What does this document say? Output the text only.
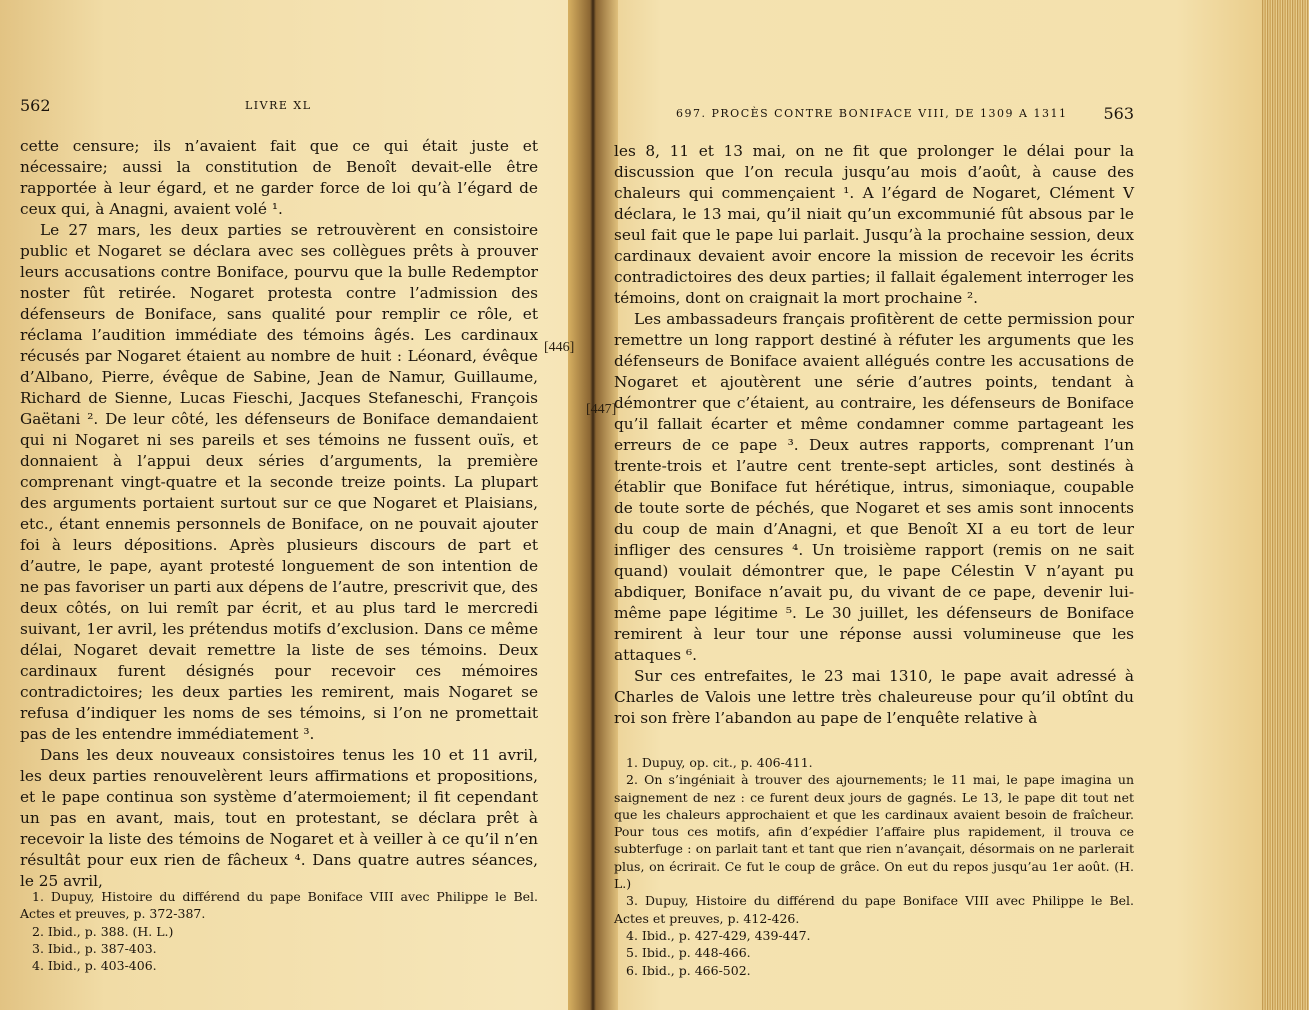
562	LIVRE XL

cette censure; ils n’avaient fait que ce qui était juste et nécessaire; aussi la constitution de Benoît devait-elle être rapportée à leur égard, et ne garder force de loi qu’à l’égard de ceux qui, à Anagni, avaient volé ¹.

Le 27 mars, les deux parties se retrouvèrent en consistoire public et Nogaret se déclara avec ses collègues prêts à prouver leurs accusations contre Boniface, pourvu que la bulle Redemptor noster fût retirée. Nogaret protesta contre l’admission des défenseurs de Boniface, sans qualité pour remplir ce rôle, et réclama l’audition immédiate des témoins âgés. Les cardinaux récusés par Nogaret étaient au nombre de huit : Léonard, évêque d’Albano, Pierre, évêque de Sabine, Jean de Namur, Guillaume, Richard de Sienne, Lucas Fieschi, Jacques Stefaneschi, François Gaëtani ². De leur côté, les défenseurs de Boniface demandaient qui ni Nogaret ni ses pareils et ses témoins ne fussent ouïs, et donnaient à l’appui deux séries d’arguments, la première comprenant vingt-quatre et la seconde treize points. La plupart des arguments portaient surtout sur ce que Nogaret et Plaisians, etc., étant ennemis personnels de Boniface, on ne pouvait ajouter foi à leurs dépositions. Après plusieurs discours de part et d’autre, le pape, ayant protesté longuement de son intention de ne pas favoriser un parti aux dépens de l’autre, prescrivit que, des deux côtés, on lui remît par écrit, et au plus tard le mercredi suivant, 1er avril, les prétendus motifs d’exclusion. Dans ce même délai, Nogaret devait remettre la liste de ses témoins. Deux cardinaux furent désignés pour recevoir ces mémoires contradictoires; les deux parties les remirent, mais Nogaret se refusa d’indiquer les noms de ses témoins, si l’on ne promettait pas de les entendre immédiatement ³.

Dans les deux nouveaux consistoires tenus les 10 et 11 avril, les deux parties renouvelèrent leurs affirmations et propositions, et le pape continua son système d’atermoiement; il fit cependant un pas en avant, mais, tout en protestant, se déclara prêt à recevoir la liste des témoins de Nogaret et à veiller à ce qu’il n’en résultât pour eux rien de fâcheux ⁴. Dans quatre autres séances, le 25 avril,

1. Dupuy, Histoire du différend du pape Boniface VIII avec Philippe le Bel. Actes et preuves, p. 372-387.

2. Ibid., p. 388. (H. L.)

3. Ibid., p. 387-403.

4. Ibid., p. 403-406.

[446]
697. PROCÈS CONTRE BONIFACE VIII, DE 1309 A 1311 563

les 8, 11 et 13 mai, on ne fit que prolonger le délai pour la discussion que l’on recula jusqu’au mois d’août, à cause des chaleurs qui commençaient ¹. A l’égard de Nogaret, Clément V déclara, le 13 mai, qu’il niait qu’un excommunié fût absous par le seul fait que le pape lui parlait. Jusqu’à la prochaine session, deux cardinaux devaient avoir encore la mission de recevoir les écrits contradictoires des deux parties; il fallait également interroger les témoins, dont on craignait la mort prochaine ².

Les ambassadeurs français profitèrent de cette permission pour remettre un long rapport destiné à réfuter les arguments que les défenseurs de Boniface avaient allégués contre les accusations de Nogaret et ajoutèrent une série d’autres points, tendant à démontrer que c’étaient, au contraire, les défenseurs de Boniface qu’il fallait écarter et même condamner comme partageant les erreurs de ce pape ³. Deux autres rapports, comprenant l’un trente-trois et l’autre cent trente-sept articles, sont destinés à établir que Boniface fut hérétique, intrus, simoniaque, coupable de toute sorte de péchés, que Nogaret et ses amis sont innocents du coup de main d’Anagni, et que Benoît XI a eu tort de leur infliger des censures ⁴. Un troisième rapport (remis on ne sait quand) voulait démontrer que, le pape Célestin V n’ayant pu abdiquer, Boniface n’avait pu, du vivant de ce pape, devenir lui-même pape légitime ⁵. Le 30 juillet, les défenseurs de Boniface remirent à leur tour une réponse aussi volumineuse que les attaques ⁶.

Sur ces entrefaites, le 23 mai 1310, le pape avait adressé à Charles de Valois une lettre très chaleureuse pour qu’il obtînt du roi son frère l’abandon au pape de l’enquête relative à

1. Dupuy, op. cit., p. 406-411.

2. On s’ingéniait à trouver des ajournements; le 11 mai, le pape imagina un saignement de nez : ce furent deux jours de gagnés. Le 13, le pape dit tout net que les chaleurs approchaient et que les cardinaux avaient besoin de fraîcheur. Pour tous ces motifs, afin d’expédier l’affaire plus rapidement, il trouva ce subterfuge : on parlait tant et tant que rien n’avançait, désormais on ne parlerait plus, on écrirait. Ce fut le coup de grâce. On eut du repos jusqu’au 1er août. (H. L.)

3. Dupuy, Histoire du différend du pape Boniface VIII avec Philippe le Bel. Actes et preuves, p. 412-426.

4. Ibid., p. 427-429, 439-447.

5. Ibid., p. 448-466.

6. Ibid., p. 466-502.

[447]
